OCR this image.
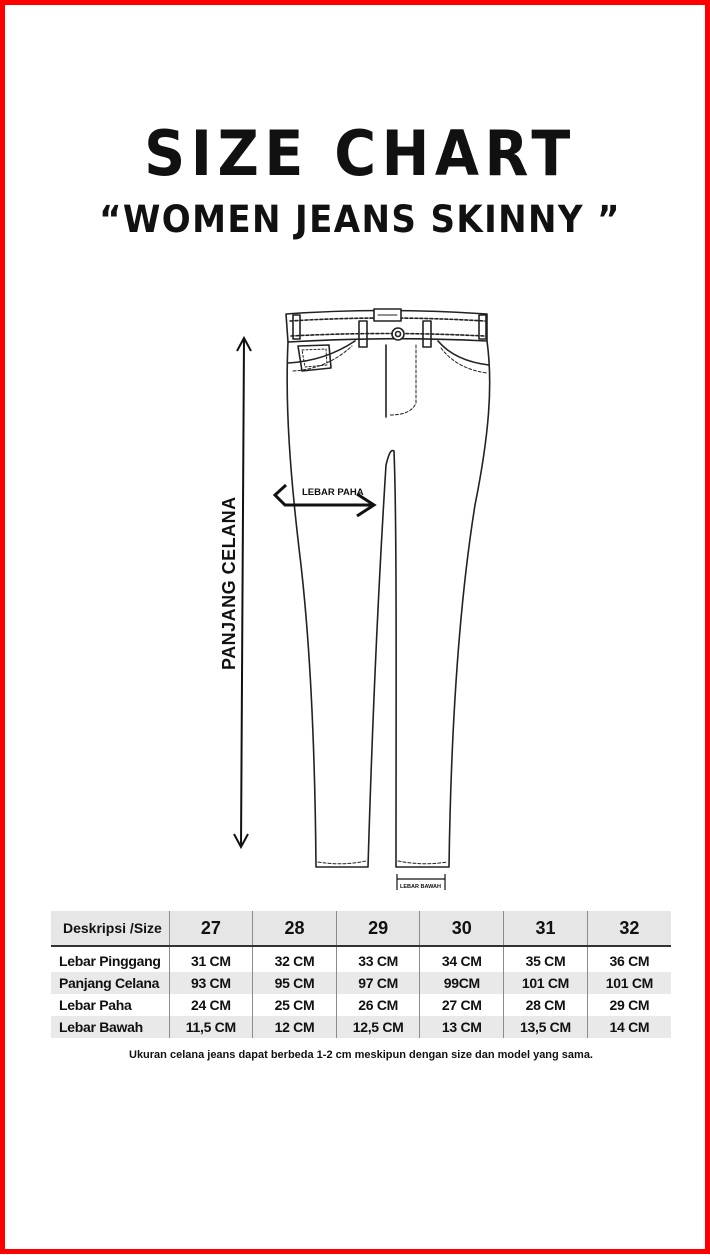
SIZE CHART
“WOMEN JEANS SKINNY ”
PANJANG CELANA
LEBAR PAHA
LEBAR BAWAH
Deskripsi /Size	27	28	29	30	31	32
Lebar Pinggang	31 CM	32 CM	33 CM	34 CM	35 CM	36 CM
Panjang Celana	93 CM	95 CM	97 CM	99CM	101 CM	101 CM
Lebar Paha	24 CM	25 CM	26 CM	27 CM	28 CM	29 CM
Lebar Bawah	11,5 CM	12 CM	12,5 CM	13 CM	13,5 CM	14 CM
Ukuran celana jeans dapat berbeda 1-2 cm meskipun dengan size dan model yang sama.
